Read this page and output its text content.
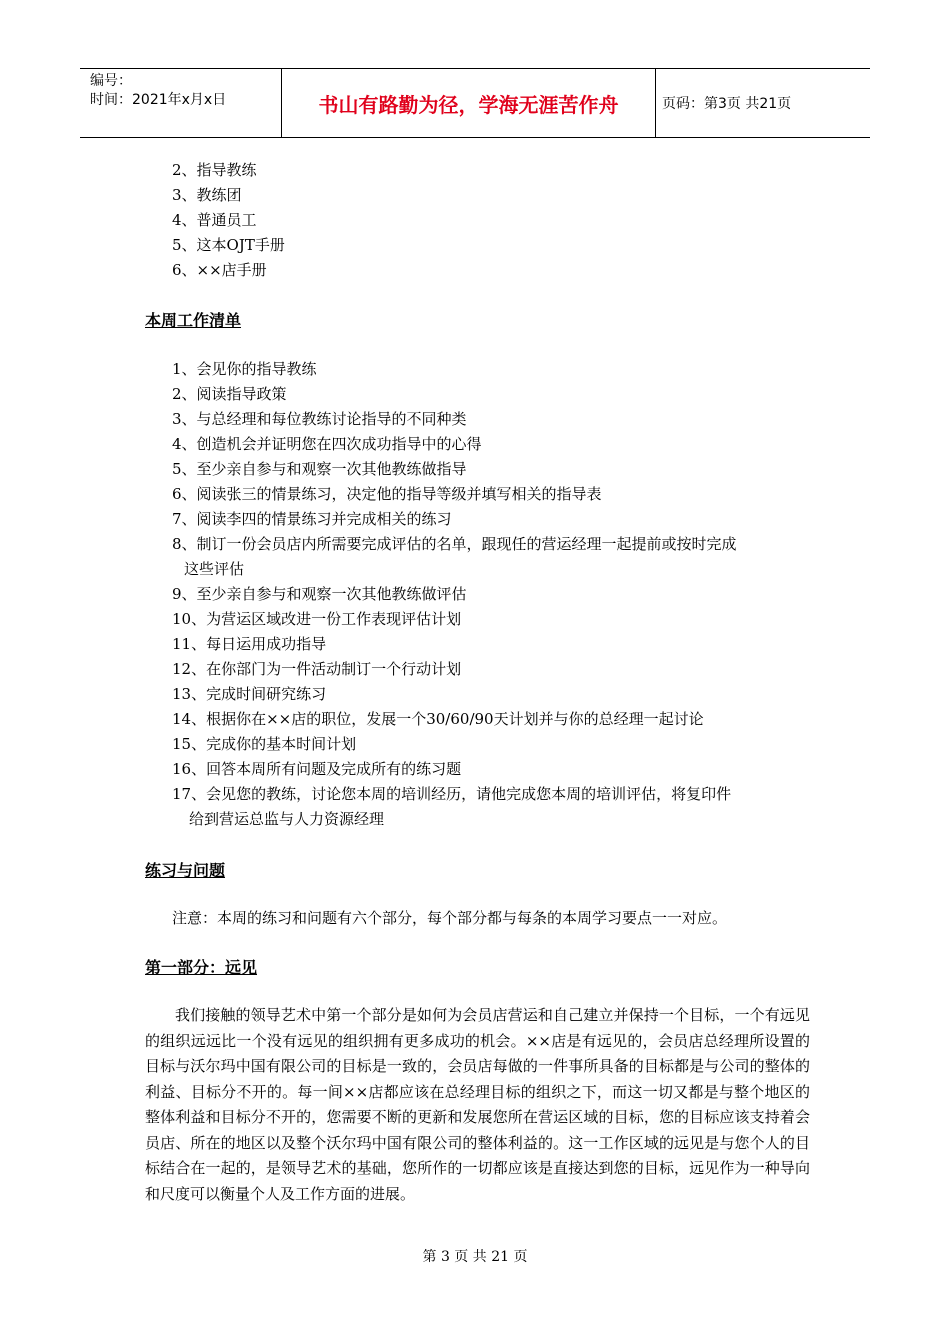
编号：
时间：2021年x月x日	书山有路勤为径，学海无涯苦作舟	页码：第3页 共21页
2、指导教练
3、教练团
4、普通员工
5、这本OJT手册
6、××店手册
本周工作清单
1、会见你的指导教练
2、阅读指导政策
3、与总经理和每位教练讨论指导的不同种类
4、创造机会并证明您在四次成功指导中的心得
5、至少亲自参与和观察一次其他教练做指导
6、阅读张三的情景练习，决定他的指导等级并填写相关的指导表
7、阅读李四的情景练习并完成相关的练习
8、制订一份会员店内所需要完成评估的名单，跟现任的营运经理一起提前或按时完成
这些评估
9、至少亲自参与和观察一次其他教练做评估
10、为营运区域改进一份工作表现评估计划
11、每日运用成功指导
12、在你部门为一件活动制订一个行动计划
13、完成时间研究练习
14、根据你在××店的职位，发展一个30/60/90天计划并与你的总经理一起讨论
15、完成你的基本时间计划
16、回答本周所有问题及完成所有的练习题
17、会见您的教练，讨论您本周的培训经历，请他完成您本周的培训评估，将复印件
给到营运总监与人力资源经理
练习与问题

注意：本周的练习和问题有六个部分，每个部分都与每条的本周学习要点一一对应。

第一部分：远见

我们接触的领导艺术中第一个部分是如何为会员店营运和自己建立并保持一个目标，一个有远见的组织远远比一个没有远见的组织拥有更多成功的机会。××店是有远见的，会员店总经理所设置的目标与沃尔玛中国有限公司的目标是一致的，会员店每做的一件事所具备的目标都是与公司的整体的利益、目标分不开的。每一间××店都应该在总经理目标的组织之下，而这一切又都是与整个地区的整体利益和目标分不开的，您需要不断的更新和发展您所在营运区域的目标，您的目标应该支持着会员店、所在的地区以及整个沃尔玛中国有限公司的整体利益的。这一工作区域的远见是与您个人的目标结合在一起的，是领导艺术的基础，您所作的一切都应该是直接达到您的目标，远见作为一种导向和尺度可以衡量个人及工作方面的进展。

第 3 页 共 21 页
